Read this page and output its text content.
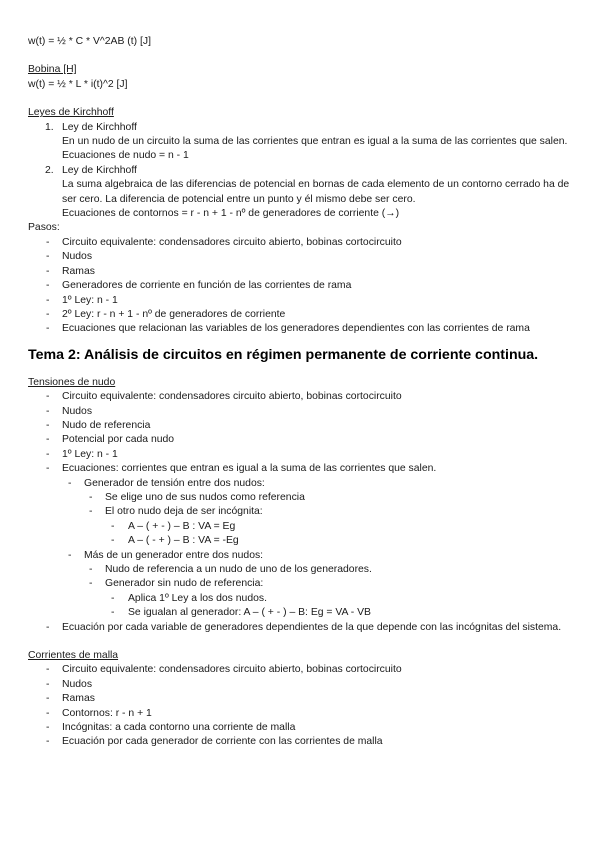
w(t) = ½ * C * V^2AB (t) [J]
Bobina [H]
w(t) = ½ * L * i(t)^2 [J]
Leyes de Kirchhoff
1. Ley de Kirchhoff
En un nudo de un circuito la suma de las corrientes que entran es igual a la suma de las corrientes que salen.
Ecuaciones de nudo = n - 1
2. Ley de Kirchhoff
La suma algebraica de las diferencias de potencial en bornas de cada elemento de un contorno cerrado ha de ser cero. La diferencia de potencial entre un punto y él mismo debe ser cero.
Ecuaciones de contornos = r - n + 1 - nº de generadores de corriente (→)
Pasos:
- Circuito equivalente: condensadores circuito abierto, bobinas cortocircuito
- Nudos
- Ramas
- Generadores de corriente en función de las corrientes de rama
- 1º Ley: n - 1
- 2º Ley: r - n + 1 - nº de generadores de corriente
- Ecuaciones que relacionan las variables de los generadores dependientes con las corrientes de rama
Tema 2: Análisis de circuitos en régimen permanente de corriente continua.
Tensiones de nudo
- Circuito equivalente: condensadores circuito abierto, bobinas cortocircuito
- Nudos
- Nudo de referencia
- Potencial por cada nudo
- 1º Ley: n - 1
- Ecuaciones: corrientes que entran es igual a la suma de las corrientes que salen.
- Generador de tensión entre dos nudos:
- Se elige uno de sus nudos como referencia
- El otro nudo deja de ser incógnita:
- A – ( + - ) – B : VA = Eg
- A – ( - + ) – B : VA = -Eg
- Más de un generador entre dos nudos:
- Nudo de referencia a un nudo de uno de los generadores.
- Generador sin nudo de referencia:
- Aplica 1º Ley a los dos nudos.
- Se igualan al generador: A – ( + - ) – B: Eg = VA - VB
- Ecuación por cada variable de generadores dependientes de la que depende con las incógnitas del sistema.
Corrientes de malla
- Circuito equivalente: condensadores circuito abierto, bobinas cortocircuito
- Nudos
- Ramas
- Contornos: r - n + 1
- Incógnitas: a cada contorno una corriente de malla
- Ecuación por cada generador de corriente con las corrientes de malla
